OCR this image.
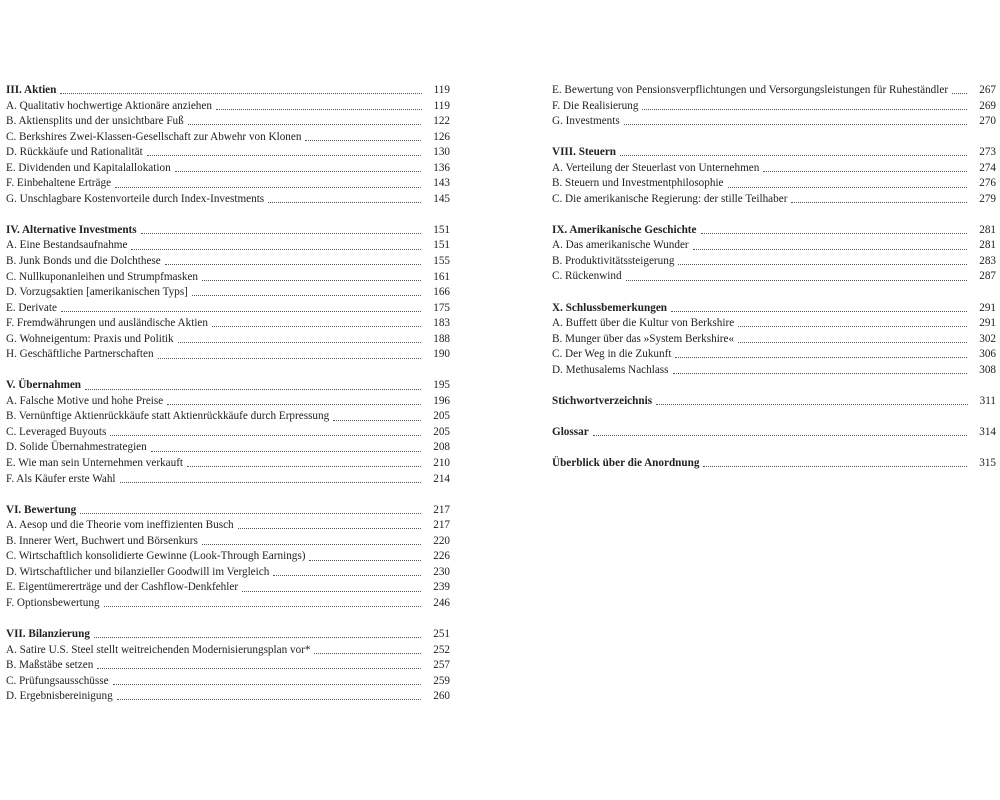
III. Aktien	119
A. Qualitativ hochwertige Aktionäre anziehen	119
B. Aktiensplits und der unsichtbare Fuß	122
C. Berkshires Zwei-Klassen-Gesellschaft zur Abwehr von Klonen	126
D. Rückkäufe und Rationalität	130
E. Dividenden und Kapitalallokation	136
F. Einbehaltene Erträge	143
G. Unschlagbare Kostenvorteile durch Index-Investments	145
IV. Alternative Investments	151
A. Eine Bestandsaufnahme	151
B. Junk Bonds und die Dolchthese	155
C. Nullkuponanleihen und Strumpfmasken	161
D. Vorzugsaktien [amerikanischen Typs]	166
E. Derivate	175
F. Fremdwährungen und ausländische Aktien	183
G. Wohneigentum: Praxis und Politik	188
H. Geschäftliche Partnerschaften	190
V. Übernahmen	195
A. Falsche Motive und hohe Preise	196
B. Vernünftige Aktienrückkäufe statt Aktienrückkäufe durch Erpressung	205
C. Leveraged Buyouts	205
D. Solide Übernahmestrategien	208
E. Wie man sein Unternehmen verkauft	210
F. Als Käufer erste Wahl	214
VI. Bewertung	217
A. Aesop und die Theorie vom ineffizienten Busch	217
B. Innerer Wert, Buchwert und Börsenkurs	220
C. Wirtschaftlich konsolidierte Gewinne (Look-Through Earnings)	226
D. Wirtschaftlicher und bilanzieller Goodwill im Vergleich	230
E. Eigentümererträge und der Cashflow-Denkfehler	239
F. Optionsbewertung	246
VII. Bilanzierung	251
A. Satire U.S. Steel stellt weitreichenden Modernisierungsplan vor*	252
B. Maßstäbe setzen	257
C. Prüfungsausschüsse	259
D. Ergebnisbereinigung	260
E. Bewertung von Pensionsverpflichtungen und Versorgungsleistungen für Ruheständler	267
F. Die Realisierung	269
G. Investments	270
VIII. Steuern	273
A. Verteilung der Steuerlast von Unternehmen	274
B. Steuern und Investmentphilosophie	276
C. Die amerikanische Regierung: der stille Teilhaber	279
IX. Amerikanische Geschichte	281
A. Das amerikanische Wunder	281
B. Produktivitätssteigerung	283
C. Rückenwind	287
X. Schlussbemerkungen	291
A. Buffett über die Kultur von Berkshire	291
B. Munger über das »System Berkshire«	302
C. Der Weg in die Zukunft	306
D. Methusalems Nachlass	308
Stichwortverzeichnis	311
Glossar	314
Überblick über die Anordnung	315
